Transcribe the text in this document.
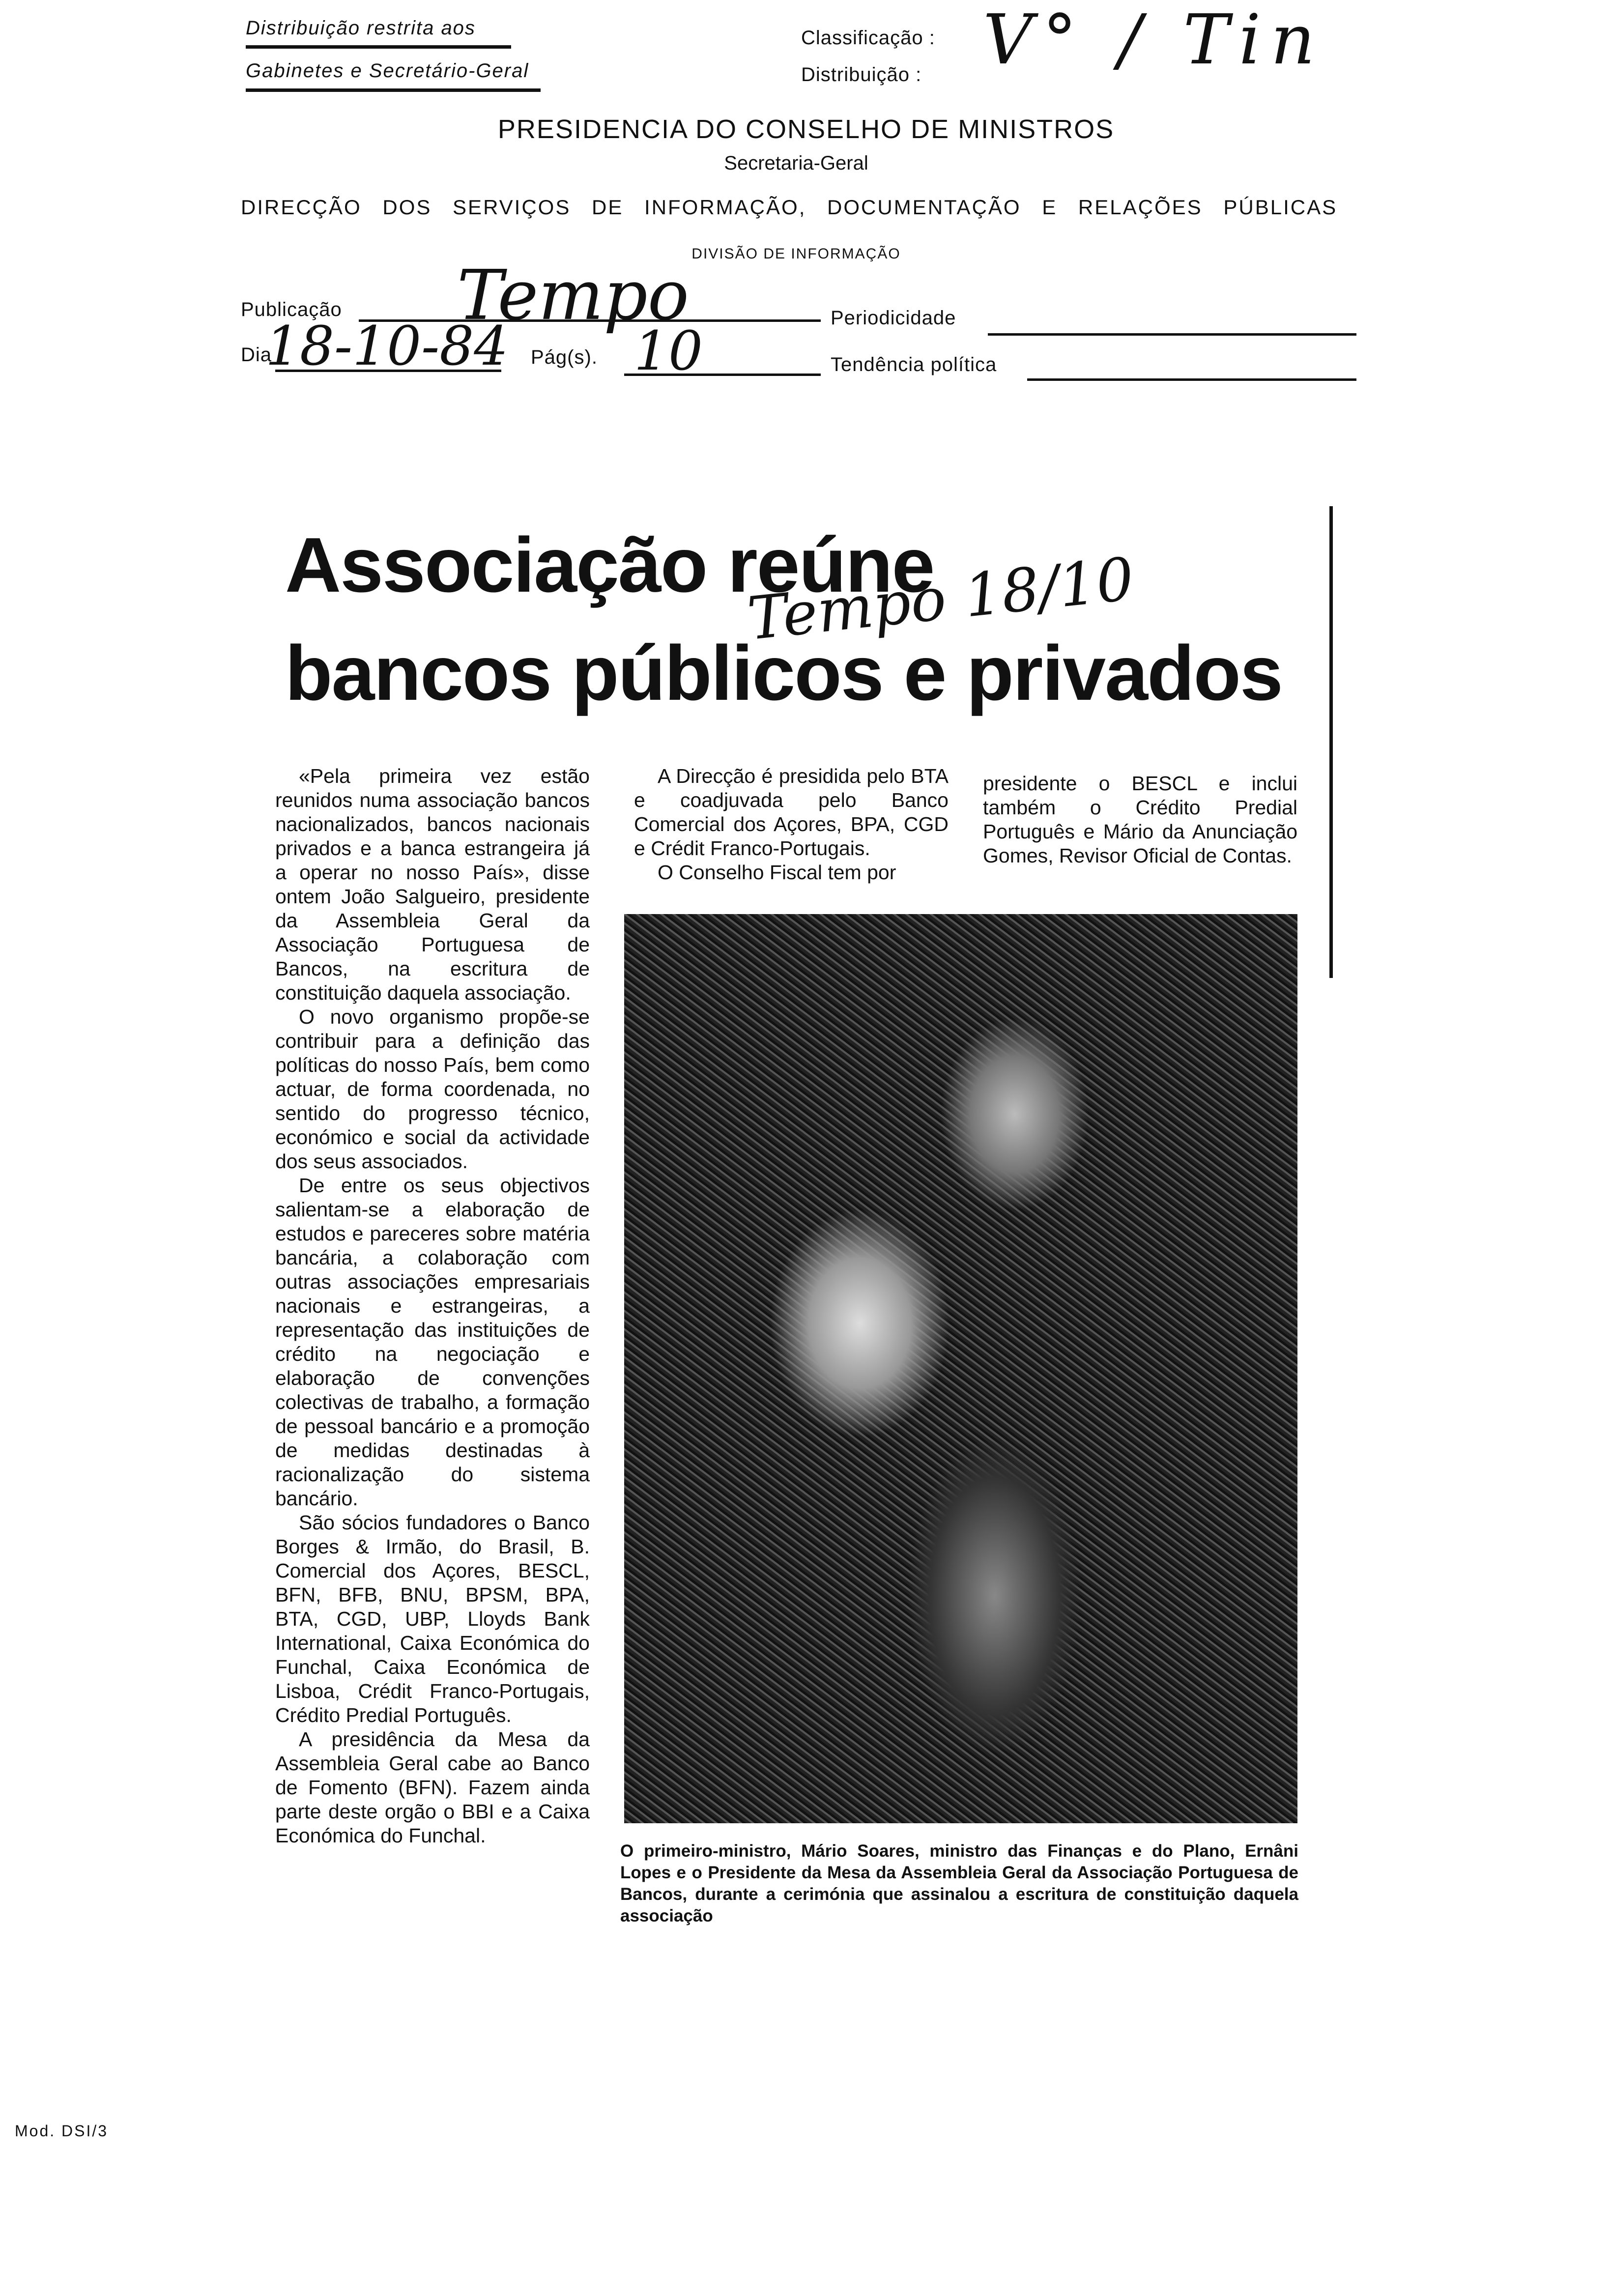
Distribuição restrita aos
Gabinetes e Secretário-Geral
Classificação :
Distribuição : V° / Tin
PRESIDENCIA DO CONSELHO DE MINISTROS
Secretaria-Geral
DIRECÇÃO DOS SERVIÇOS DE INFORMAÇÃO, DOCUMENTAÇÃO E RELAÇÕES PÚBLICAS
DIVISÃO DE INFORMAÇÃO
Publicação Tempo	Periodicidade
Dia
18-10-84 Pág(s). 10	Tendência política
Associação reúne
bancos públicos e privados
Tempo 18/10

«Pela primeira vez estão reunidos numa associação bancos nacionalizados, bancos nacionais privados e a banca estrangeira já a operar no nosso País», disse ontem João Salgueiro, presidente da Assembleia Geral da Associação Portuguesa de Bancos, na escritura de constituição daquela associação.

O novo organismo propõe-se contribuir para a definição das políticas do nosso País, bem como actuar, de forma coordenada, no sentido do progresso técnico, económico e social da actividade dos seus associados.

De entre os seus objectivos salientam-se a elaboração de estudos e pareceres sobre matéria bancária, a colaboração com outras associações empresariais nacionais e estrangeiras, a representação das instituições de crédito na negociação e elaboração de convenções colectivas de trabalho, a formação de pessoal bancário e a promoção de medidas destinadas à racionalização do sistema bancário.

São sócios fundadores o Banco Borges & Irmão, do Brasil, B. Comercial dos Açores, BESCL, BFN, BFB, BNU, BPSM, BPA, BTA, CGD, UBP, Lloyds Bank International, Caixa Económica do Funchal, Caixa Económica de Lisboa, Crédit Franco-Portugais, Crédito Predial Português.

A presidência da Mesa da Assembleia Geral cabe ao Banco de Fomento (BFN). Fazem ainda parte deste orgão o BBI e a Caixa Económica do Funchal.

A Direcção é presidida pelo BTA e coadjuvada pelo Banco Comercial dos Açores, BPA, CGD e Crédit Franco-Portugais.

O Conselho Fiscal tem por

presidente o BESCL e inclui também o Crédito Predial Português e Mário da Anunciação Gomes, Revisor Oficial de Contas.

O primeiro-ministro, Mário Soares, ministro das Finanças e do Plano, Ernâni Lopes e o Presidente da Mesa da Assembleia Geral da Associação Portuguesa de Bancos, durante a cerimónia que assinalou a escritura de constituição daquela associação
Mod. DSI/3
